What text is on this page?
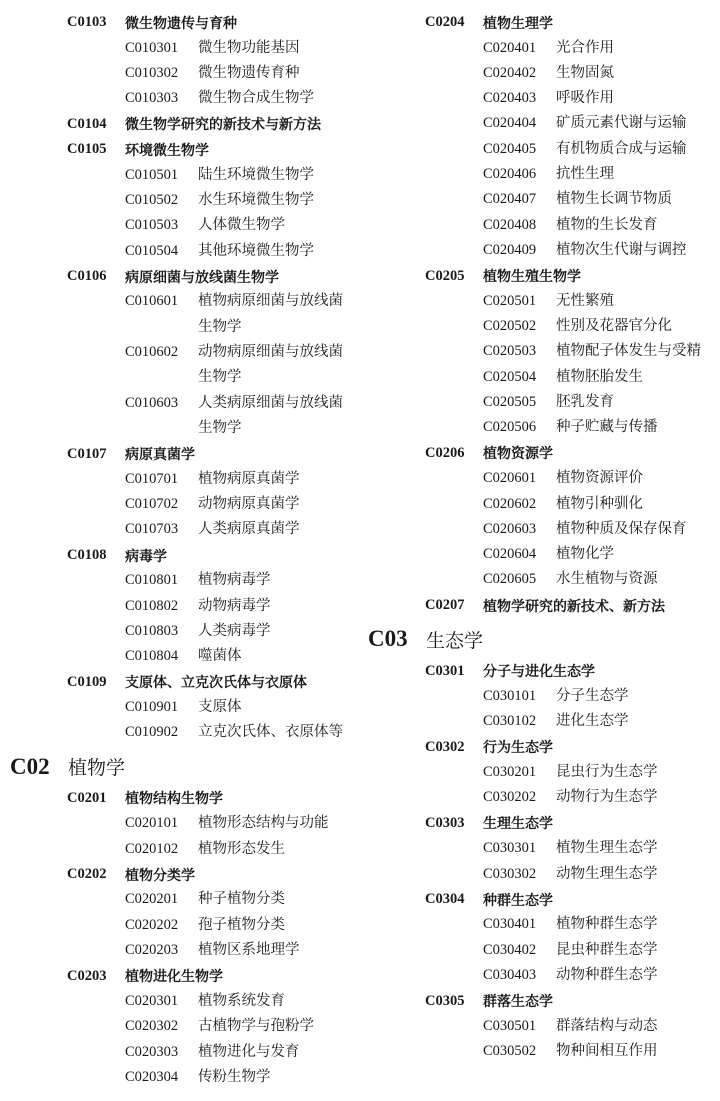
C0103	微生物遗传与育种
C010301	微生物功能基因
C010302	微生物遗传育种
C010303	微生物合成生物学
C0104	微生物学研究的新技术与新方法
C0105	环境微生物学
C010501	陆生环境微生物学
C010502	水生环境微生物学
C010503	人体微生物学
C010504	其他环境微生物学
C0106	病原细菌与放线菌生物学
C010601	植物病原细菌与放线菌生物学
C010602	动物病原细菌与放线菌生物学
C010603	人类病原细菌与放线菌生物学
C0107	病原真菌学
C010701	植物病原真菌学
C010702	动物病原真菌学
C010703	人类病原真菌学
C0108	病毒学
C010801	植物病毒学
C010802	动物病毒学
C010803	人类病毒学
C010804	噬菌体
C0109	支原体、立克次氏体与衣原体
C010901	支原体
C010902	立克次氏体、衣原体等
C02 植物学
C0201	植物结构生物学
C020101	植物形态结构与功能
C020102	植物形态发生
C0202	植物分类学
C020201	种子植物分类
C020202	孢子植物分类
C020203	植物区系地理学
C0203	植物进化生物学
C020301	植物系统发育
C020302	古植物学与孢粉学
C020303	植物进化与发育
C020304	传粉生物学
C0204	植物生理学
C020401	光合作用
C020402	生物固氮
C020403	呼吸作用
C020404	矿质元素代谢与运输
C020405	有机物质合成与运输
C020406	抗性生理
C020407	植物生长调节物质
C020408	植物的生长发育
C020409	植物次生代谢与调控
C0205	植物生殖生物学
C020501	无性繁殖
C020502	性别及花器官分化
C020503	植物配子体发生与受精
C020504	植物胚胎发生
C020505	胚乳发育
C020506	种子贮藏与传播
C0206	植物资源学
C020601	植物资源评价
C020602	植物引种驯化
C020603	植物种质及保存保育
C020604	植物化学
C020605	水生植物与资源
C0207	植物学研究的新技术、新方法
C03 生态学
C0301	分子与进化生态学
C030101	分子生态学
C030102	进化生态学
C0302	行为生态学
C030201	昆虫行为生态学
C030202	动物行为生态学
C0303	生理生态学
C030301	植物生理生态学
C030302	动物生理生态学
C0304	种群生态学
C030401	植物种群生态学
C030402	昆虫种群生态学
C030403	动物种群生态学
C0305	群落生态学
C030501	群落结构与动态
C030502	物种间相互作用
